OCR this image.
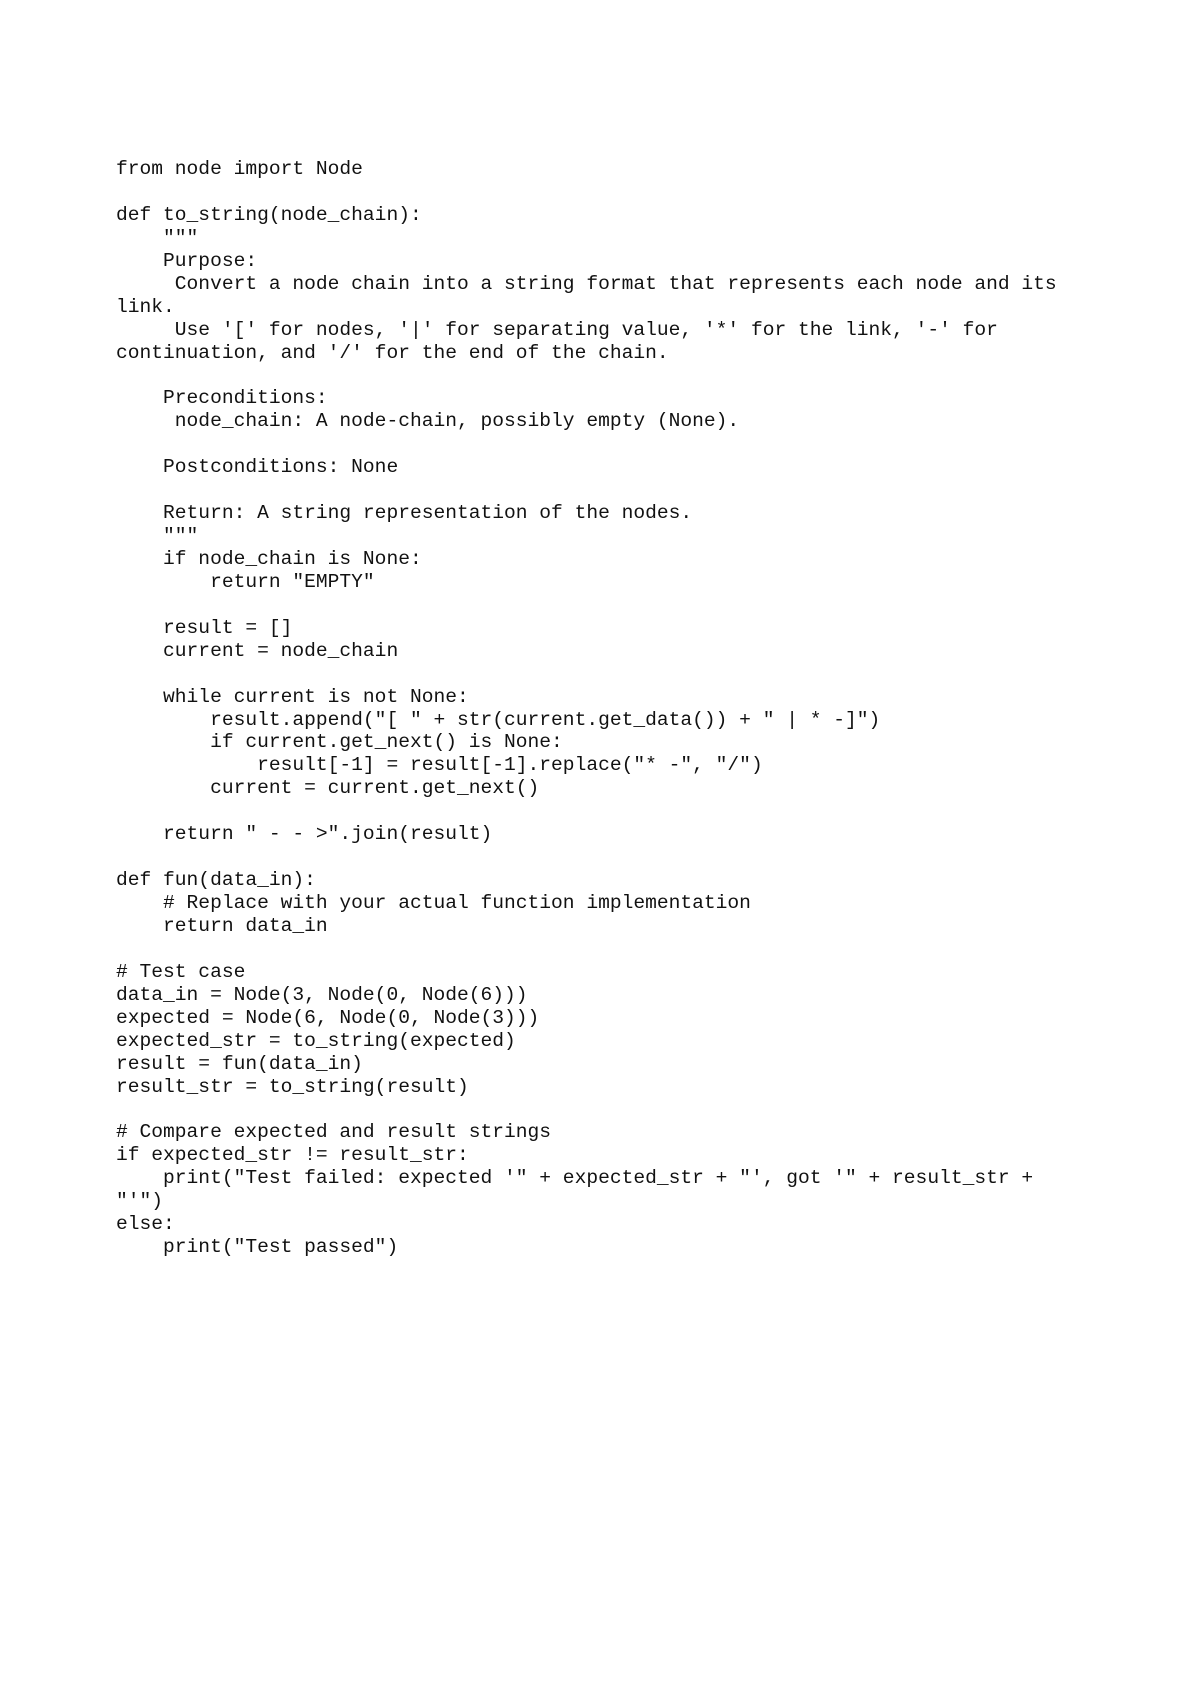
from node import Node
def to_string(node_chain):
"""
Purpose:
Convert a node chain into a string format that represents each node and its
link.
Use '[' for nodes, '|' for separating value, '*' for the link, '-' for
continuation, and '/' for the end of the chain.
Preconditions:
node_chain: A node-chain, possibly empty (None).
Postconditions: None
Return: A string representation of the nodes.
"""
if node_chain is None:
return "EMPTY"
result = []
current = node_chain
while current is not None:
result.append("[ " + str(current.get_data()) + " | * -]")
if current.get_next() is None:
result[-1] = result[-1].replace("* -", "/")
current = current.get_next()
return " - - >".join(result)
def fun(data_in):
# Replace with your actual function implementation
return data_in
# Test case
data_in = Node(3, Node(0, Node(6)))
expected = Node(6, Node(0, Node(3)))
expected_str = to_string(expected)
result = fun(data_in)
result_str = to_string(result)
# Compare expected and result strings
if expected_str != result_str:
print("Test failed: expected '" + expected_str + "', got '" + result_str +
"'")
else:
print("Test passed")
